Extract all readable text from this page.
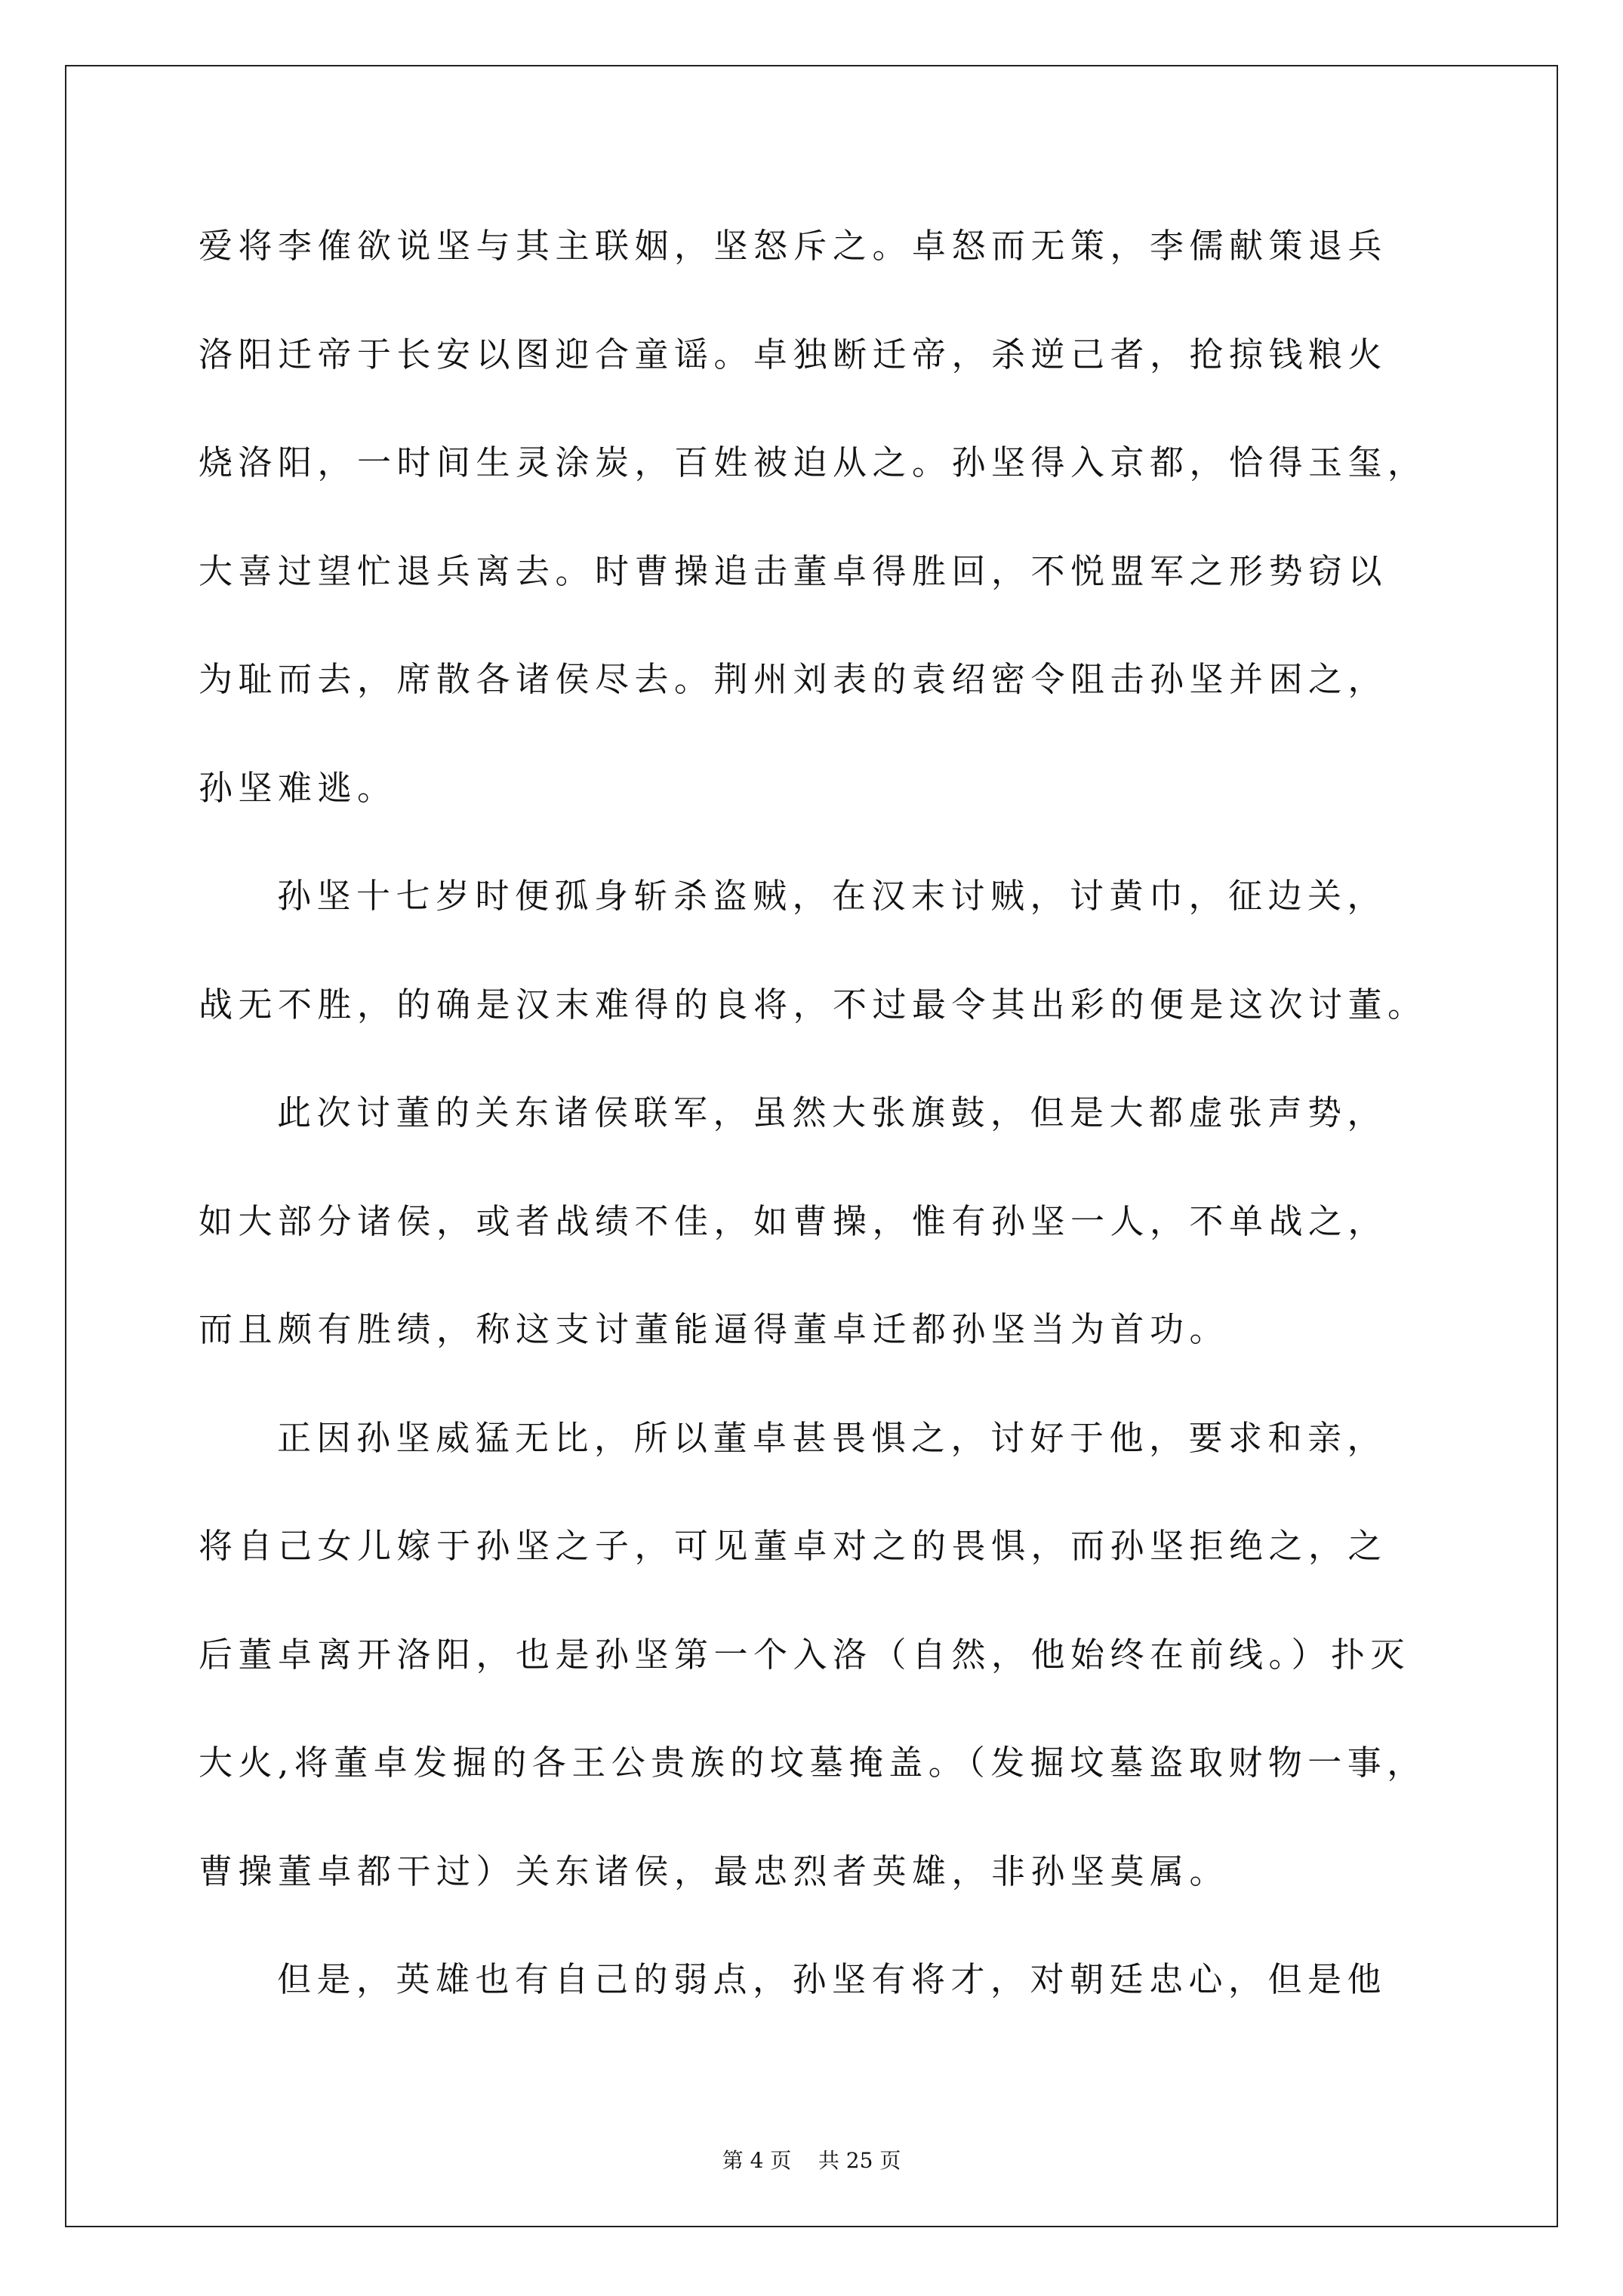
爱将李傕欲说坚与其主联姻，坚怒斥之。卓怒而无策，李儒献策退兵
洛阳迁帝于长安以图迎合童谣。卓独断迁帝，杀逆己者，抢掠钱粮火
烧洛阳，一时间生灵涂炭，百姓被迫从之。孙坚得入京都，恰得玉玺，
大喜过望忙退兵离去。时曹操追击董卓得胜回，不悦盟军之形势窃以
为耻而去，席散各诸侯尽去。荆州刘表的袁绍密令阻击孙坚并困之，
孙坚难逃。
孙坚十七岁时便孤身斩杀盗贼，在汉末讨贼，讨黄巾，征边关，
战无不胜，的确是汉末难得的良将，不过最令其出彩的便是这次讨董。
此次讨董的关东诸侯联军，虽然大张旗鼓，但是大都虚张声势，
如大部分诸侯，或者战绩不佳，如曹操，惟有孙坚一人，不单战之，
而且颇有胜绩，称这支讨董能逼得董卓迁都孙坚当为首功。
正因孙坚威猛无比，所以董卓甚畏惧之，讨好于他，要求和亲，
将自己女儿嫁于孙坚之子，可见董卓对之的畏惧，而孙坚拒绝之，之
后董卓离开洛阳，也是孙坚第一个入洛（自然，他始终在前线。）扑灭
大火,将董卓发掘的各王公贵族的坟墓掩盖。（发掘坟墓盗取财物一事，
曹操董卓都干过）关东诸侯，最忠烈者英雄，非孙坚莫属。
但是，英雄也有自己的弱点，孙坚有将才，对朝廷忠心，但是他
第 4 页    共 25 页
